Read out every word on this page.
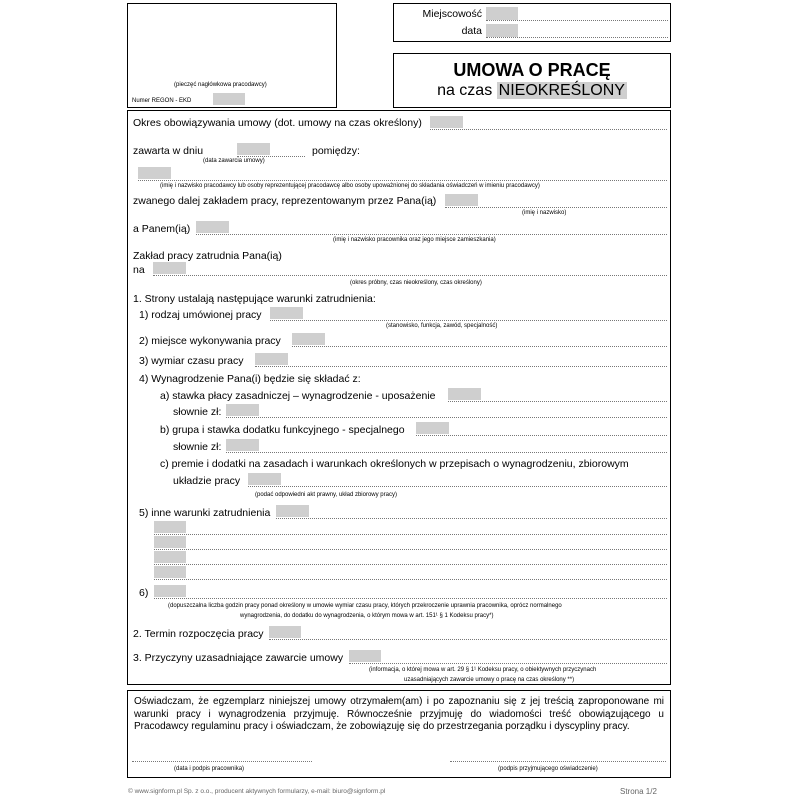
(pieczęć nagłówkowa pracodawcy)
Numer REGON - EKD
Miejscowość
data
UMOWA O PRACĘ
na czas NIEOKREŚLONY
Okres obowiązywania umowy (dot. umowy na czas określony)
zawarta w dniu	pomiędzy:
(data zawarcia umowy)
(imię i nazwisko pracodawcy lub osoby reprezentującej pracodawcę albo osoby upoważnionej do składania oświadczeń w imieniu pracodawcy)
zwanego dalej zakładem pracy, reprezentowanym przez Pana(ią)
(imię i nazwisko)
a Panem(ią)
(imię i nazwisko pracownika oraz jego miejsce zamieszkania)
Zakład pracy zatrudnia Pana(ią)
na
(okres próbny, czas nieokreślony, czas określony)
1. Strony ustalają następujące warunki zatrudnienia:
1) rodzaj umówionej pracy
(stanowisko, funkcja, zawód, specjalność)
2) miejsce wykonywania pracy
3) wymiar czasu pracy
4) Wynagrodzenie Pana(i) będzie się składać z:
a) stawka płacy zasadniczej – wynagrodzenie - uposażenie
słownie zł:
b) grupa i stawka dodatku funkcyjnego - specjalnego
słownie zł:
c) premie i dodatki na zasadach i warunkach określonych w przepisach o wynagrodzeniu, zbiorowym
układzie pracy
(podać odpowiedni akt prawny, układ zbiorowy pracy)
5) inne warunki zatrudnienia
6)
(dopuszczalna liczba godzin pracy ponad określony w umowie wymiar czasu pracy, których przekroczenie uprawnia pracownika, oprócz normalnego
wynagrodzenia, do dodatku do wynagrodzenia, o którym mowa w art. 151¹ § 1 Kodeksu pracy*)
2. Termin rozpoczęcia pracy
3. Przyczyny uzasadniające zawarcie umowy
(informacja, o której mowa w art. 29 § 1¹ Kodeksu pracy, o obiektywnych przyczynach
uzasadniających zawarcie umowy o pracę na czas określony **)
Oświadczam, że egzemplarz niniejszej umowy otrzymałem(am) i po zapoznaniu się z jej treścią zaproponowane mi warunki pracy i wynagrodzenia przyjmuję. Równocześnie przyjmuję do wiadomości treść obowiązującego u Pracodawcy regulaminu pracy i oświadczam, że zobowiązuję się do przestrzegania porządku i dyscypliny pracy.
(data i podpis pracownika)	(podpis przyjmującego oświadczenie)
© www.signform.pl Sp. z o.o., producent aktywnych formularzy, e-mail: biuro@signform.pl	Strona 1/2
